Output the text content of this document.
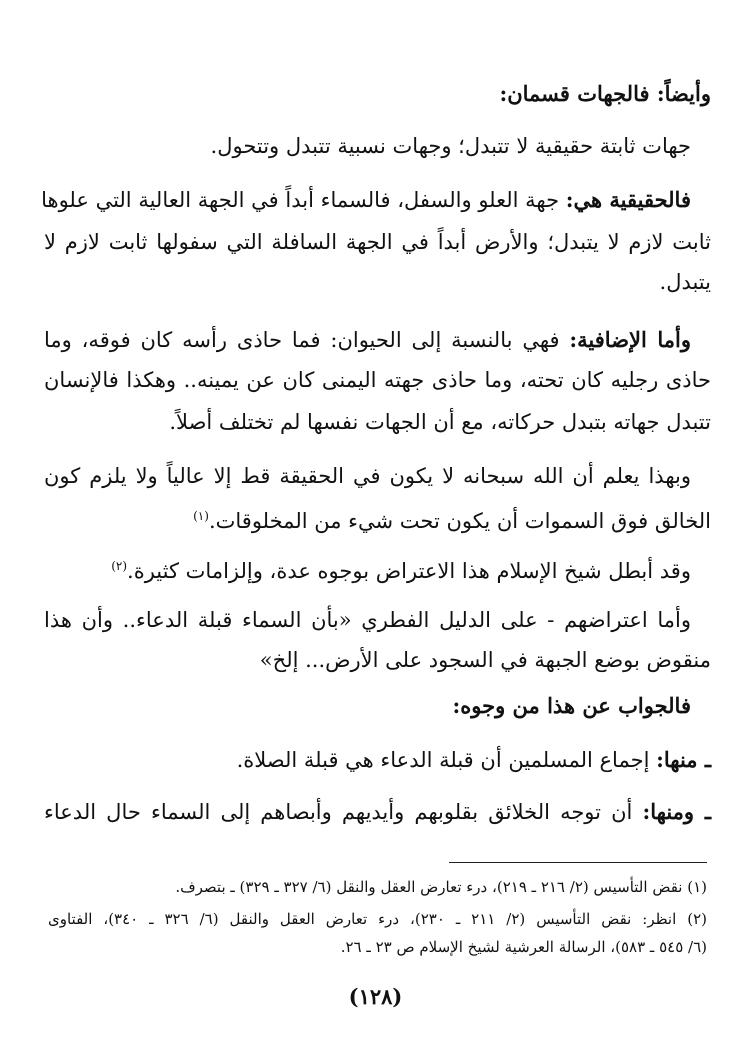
وأيضاً: فالجهات قسمان:
جهات ثابتة حقيقية لا تتبدل؛ وجهات نسبية تتبدل وتتحول.
فالحقيقية هي: جهة العلو والسفل، فالسماء أبداً في الجهة العالية التي علوها
ثابت لازم لا يتبدل؛ والأرض أبداً في الجهة السافلة التي سفولها ثابت لازم لا
يتبدل.
وأما الإضافية: فهي بالنسبة إلى الحيوان: فما حاذى رأسه كان فوقه، وما
حاذى رجليه كان تحته، وما حاذى جهته اليمنى كان عن يمينه.. وهكذا فالإنسان
تتبدل جهاته بتبدل حركاته، مع أن الجهات نفسها لم تختلف أصلاً.
وبهذا يعلم أن الله سبحانه لا يكون في الحقيقة قط إلا عالياً ولا يلزم كون
الخالق فوق السموات أن يكون تحت شيء من المخلوقات.$^{(١)}$
وقد أبطل شيخ الإسلام هذا الاعتراض بوجوه عدة، وإلزامات كثيرة.$^{(٢)}$
وأما اعتراضهم - على الدليل الفطري «بأن السماء قبلة الدعاء.. وأن هذا
منقوض بوضع الجبهة في السجود على الأرض... إلخ»
فالجواب عن هذا من وجوه:
ـ منها: إجماع المسلمين أن قبلة الدعاء هي قبلة الصلاة.
ـ ومنها: أن توجه الخلائق بقلوبهم وأيديهم وأبصاهم إلى السماء حال الدعاء
(١) نقض التأسيس (٢/ ٢١٦ ـ ٢١٩)، درء تعارض العقل والنقل (٦/ ٣٢٧ ـ ٣٢٩) ـ بتصرف.
(٢) انظر: نقض التأسيس (٢/ ٢١١ ـ ٢٣٠)، درء تعارض العقل والنقل (٦/ ٣٢٦ ـ ٣٤٠)، الفتاوى
(٦/ ٥٤٥ ـ ٥٨٣)، الرسالة العرشية لشيخ الإسلام ص ٢٣ ـ ٢٦.
(١٢٨)
